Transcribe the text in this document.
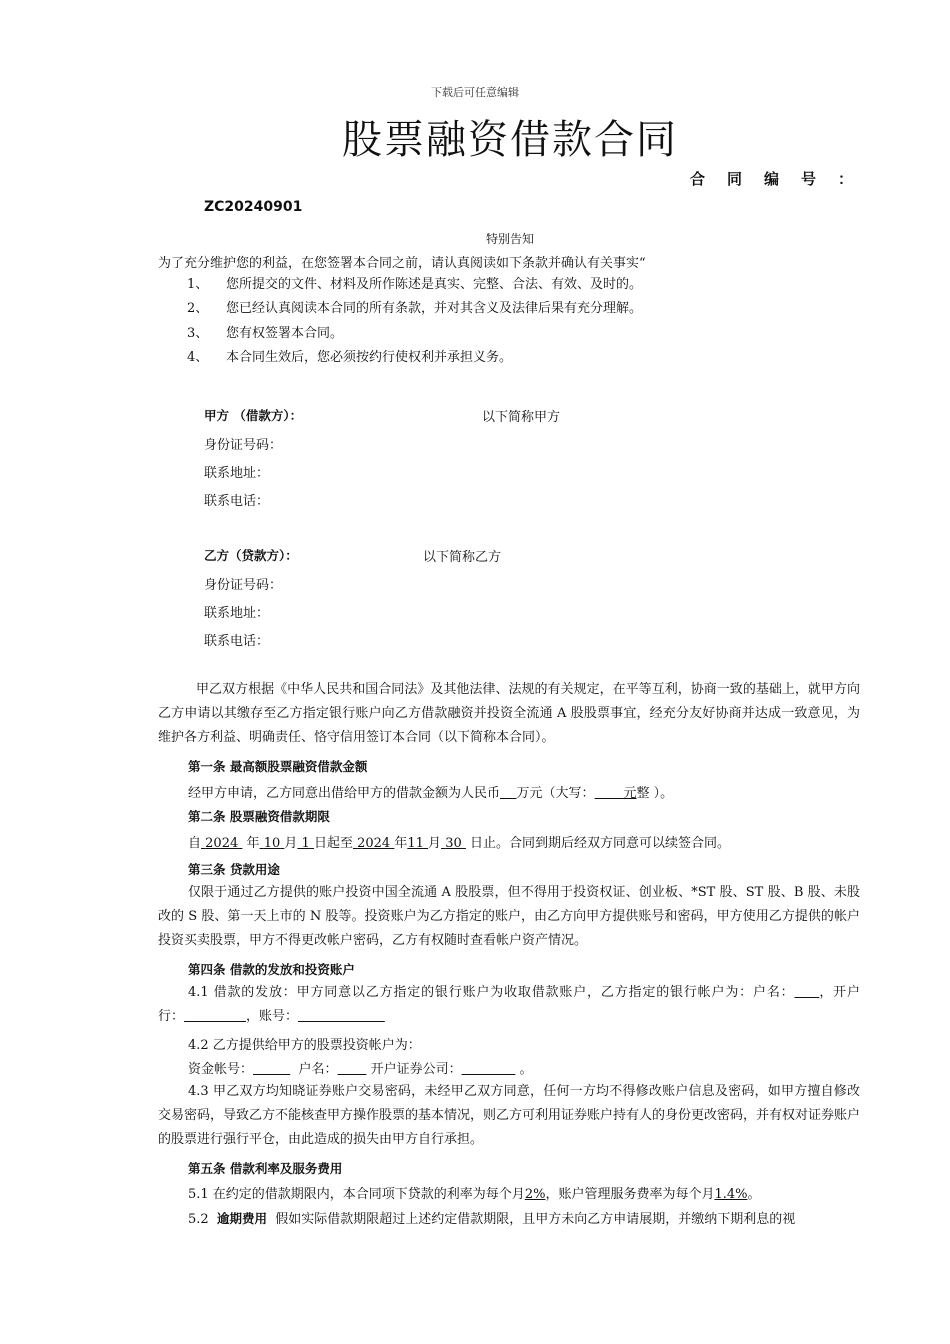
下载后可任意编辑
股票融资借款合同
合同编号：
ZC20240901
特别告知
为了充分维护您的利益，在您签署本合同之前，请认真阅读如下条款并确认有关事实“
1、 您所提交的文件、材料及所作陈述是真实、完整、合法、有效、及时的。
2、 您已经认真阅读本合同的所有条款，并对其含义及法律后果有充分理解。
3、 您有权签署本合同。
4、 本合同生效后，您必须按约行使权利并承担义务。
甲方 （借款方）：	以下简称甲方
身份证号码：
联系地址：
联系电话：
乙方（贷款方）：	以下简称乙方
身份证号码：
联系地址：
联系电话：
甲乙双方根据《中华人民共和国合同法》及其他法律、法规的有关规定，在平等互利，协商一致的基础上，就甲方向乙方申请以其缴存至乙方指定银行账户向乙方借款融资并投资全流通 A 股股票事宜，经充分友好协商并达成一致意见，为维护各方利益、明确责任、恪守信用签订本合同（以下简称本合同）。
第一条 最高额股票融资借款金额
经甲方申请，乙方同意出借给甲方的借款金额为人民币 万元（大写： 元整 ）。
第二条 股票融资借款期限
自 2024 年 10 月 1 日起至 2024 年11 月 30 日止。合同到期后经双方同意可以续签合同。
第三条 贷款用途
仅限于通过乙方提供的账户投资中国全流通 A 股股票，但不得用于投资权证、创业板、*ST 股、ST 股、B 股、未股改的 S 股、第一天上市的 N 股等。投资账户为乙方指定的账户，由乙方向甲方提供账号和密码，甲方使用乙方提供的帐户投资买卖股票，甲方不得更改帐户密码，乙方有权随时查看帐户资产情况。
第四条 借款的发放和投资账户
4.1 借款的发放：甲方同意以乙方指定的银行账户为收取借款账户，乙方指定的银行帐户为：户名： ，开户行：	，账号：
4.2 乙方提供给甲方的股票投资帐户为：
资金帐号：	户名：	开户证券公司：	。
4.3 甲乙双方均知晓证券账户交易密码，未经甲乙双方同意，任何一方均不得修改账户信息及密码，如甲方擅自修改交易密码，导致乙方不能核查甲方操作股票的基本情况，则乙方可利用证券账户持有人的身份更改密码，并有权对证券账户的股票进行强行平仓，由此造成的损失由甲方自行承担。
第五条 借款利率及服务费用
5.1 在约定的借款期限内，本合同项下贷款的利率为每个月2%，账户管理服务费率为每个月1.4%。
5.2 逾期费用 假如实际借款期限超过上述约定借款期限，且甲方未向乙方申请展期，并缴纳下期利息的视
